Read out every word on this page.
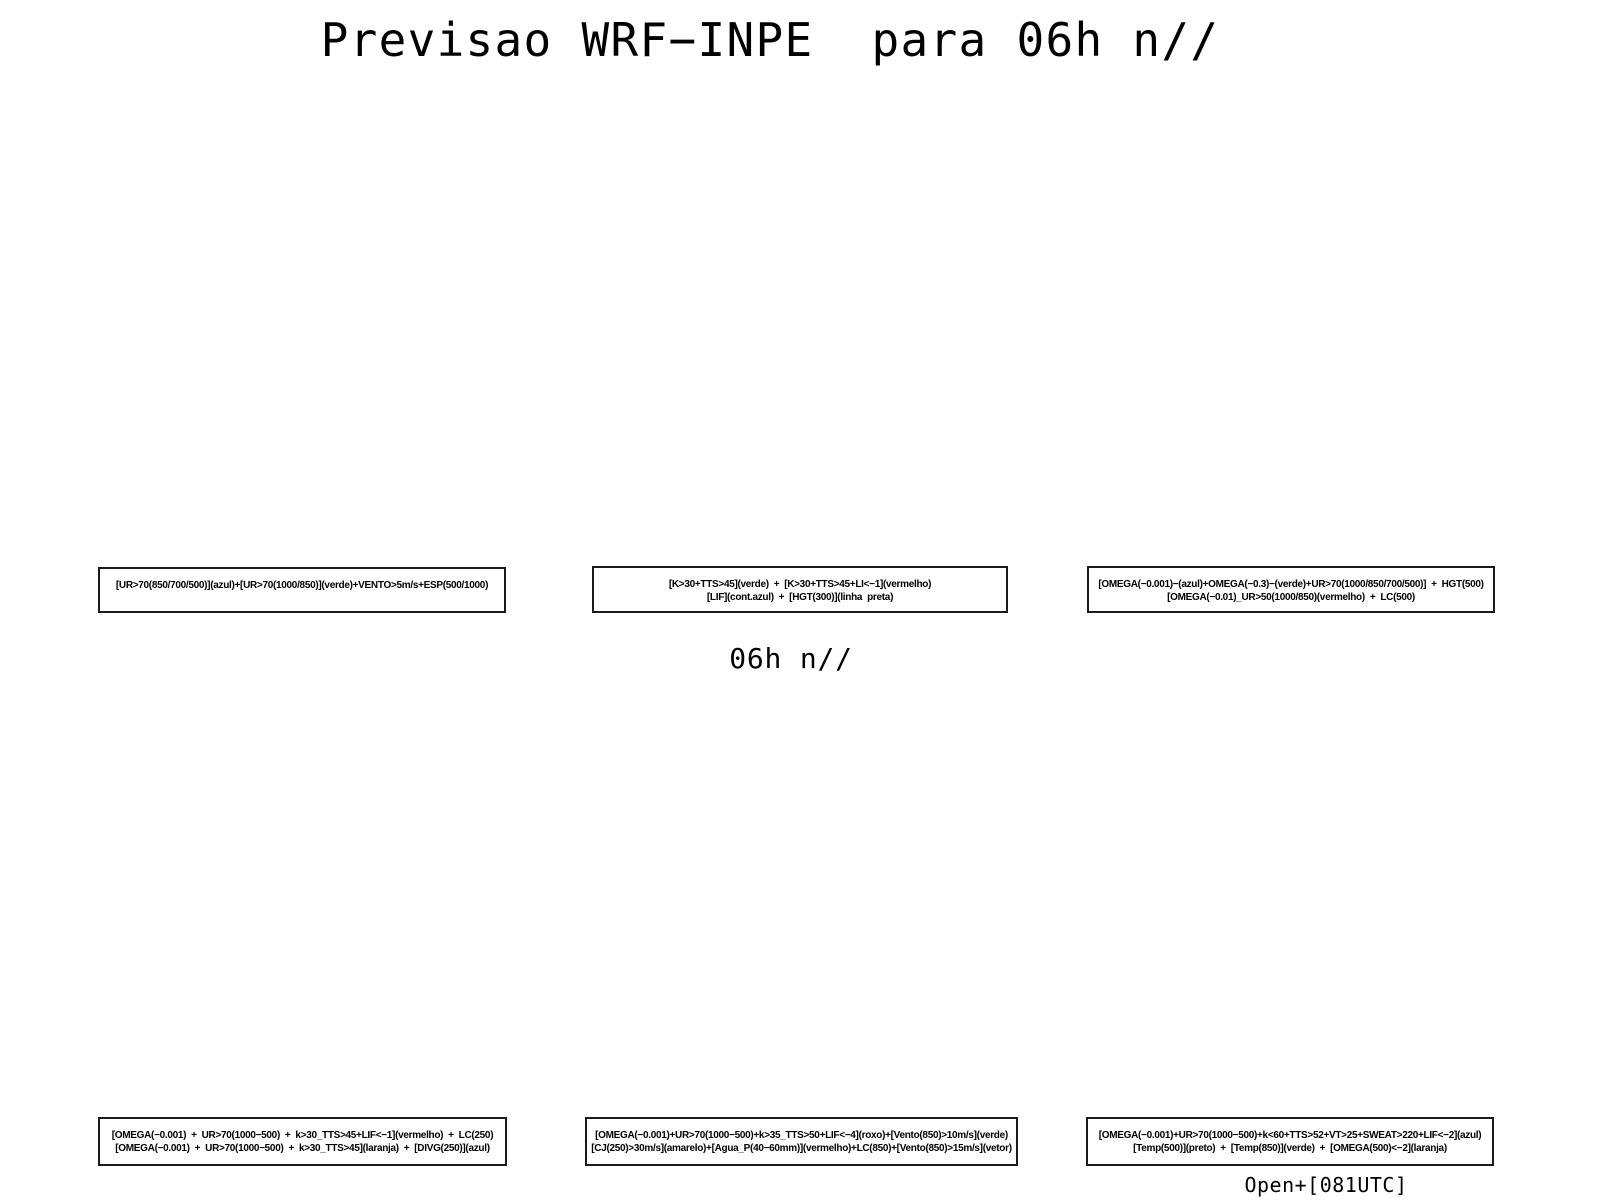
Previsao WRF−INPE  para 06h n//
[UR>70(850/700/500)](azul)+[UR>70(1000/850)](verde)+VENTO>5m/s+ESP(500/1000)	[K>30+TTS>45](verde)  +  [K>30+TTS>45+LI<−1](vermelho)
[LIF](cont.azul)  +  [HGT(300)](linha  preta)
[OMEGA(−0.001)−(azul)+OMEGA(−0.3)−(verde)+UR>70(1000/850/700/500)]  +  HGT(500)
[OMEGA(−0.01)_UR>50(1000/850)(vermelho)  +  LC(500)
06h n//
[OMEGA(−0.001)  +  UR>70(1000−500)  +  k>30_TTS>45+LIF<−1](vermelho)  +  LC(250)
[OMEGA(−0.001)  +  UR>70(1000−500)  +  k>30_TTS>45](laranja)  +  [DIVG(250)](azul)
[OMEGA(−0.001)+UR>70(1000−500)+k>35_TTS>50+LIF<−4](roxo)+[Vento(850)>10m/s](verde)
[CJ(250)>30m/s](amarelo)+[Agua_P(40−60mm)](vermelho)+LC(850)+[Vento(850)>15m/s](vetor)
[OMEGA(−0.001)+UR>70(1000−500)+k<60+TTS>52+VT>25+SWEAT>220+LIF<−2](azul)
[Temp(500)](preto)  +  [Temp(850)](verde)  +  [OMEGA(500)<−2](laranja)
Open+[081UTC]
